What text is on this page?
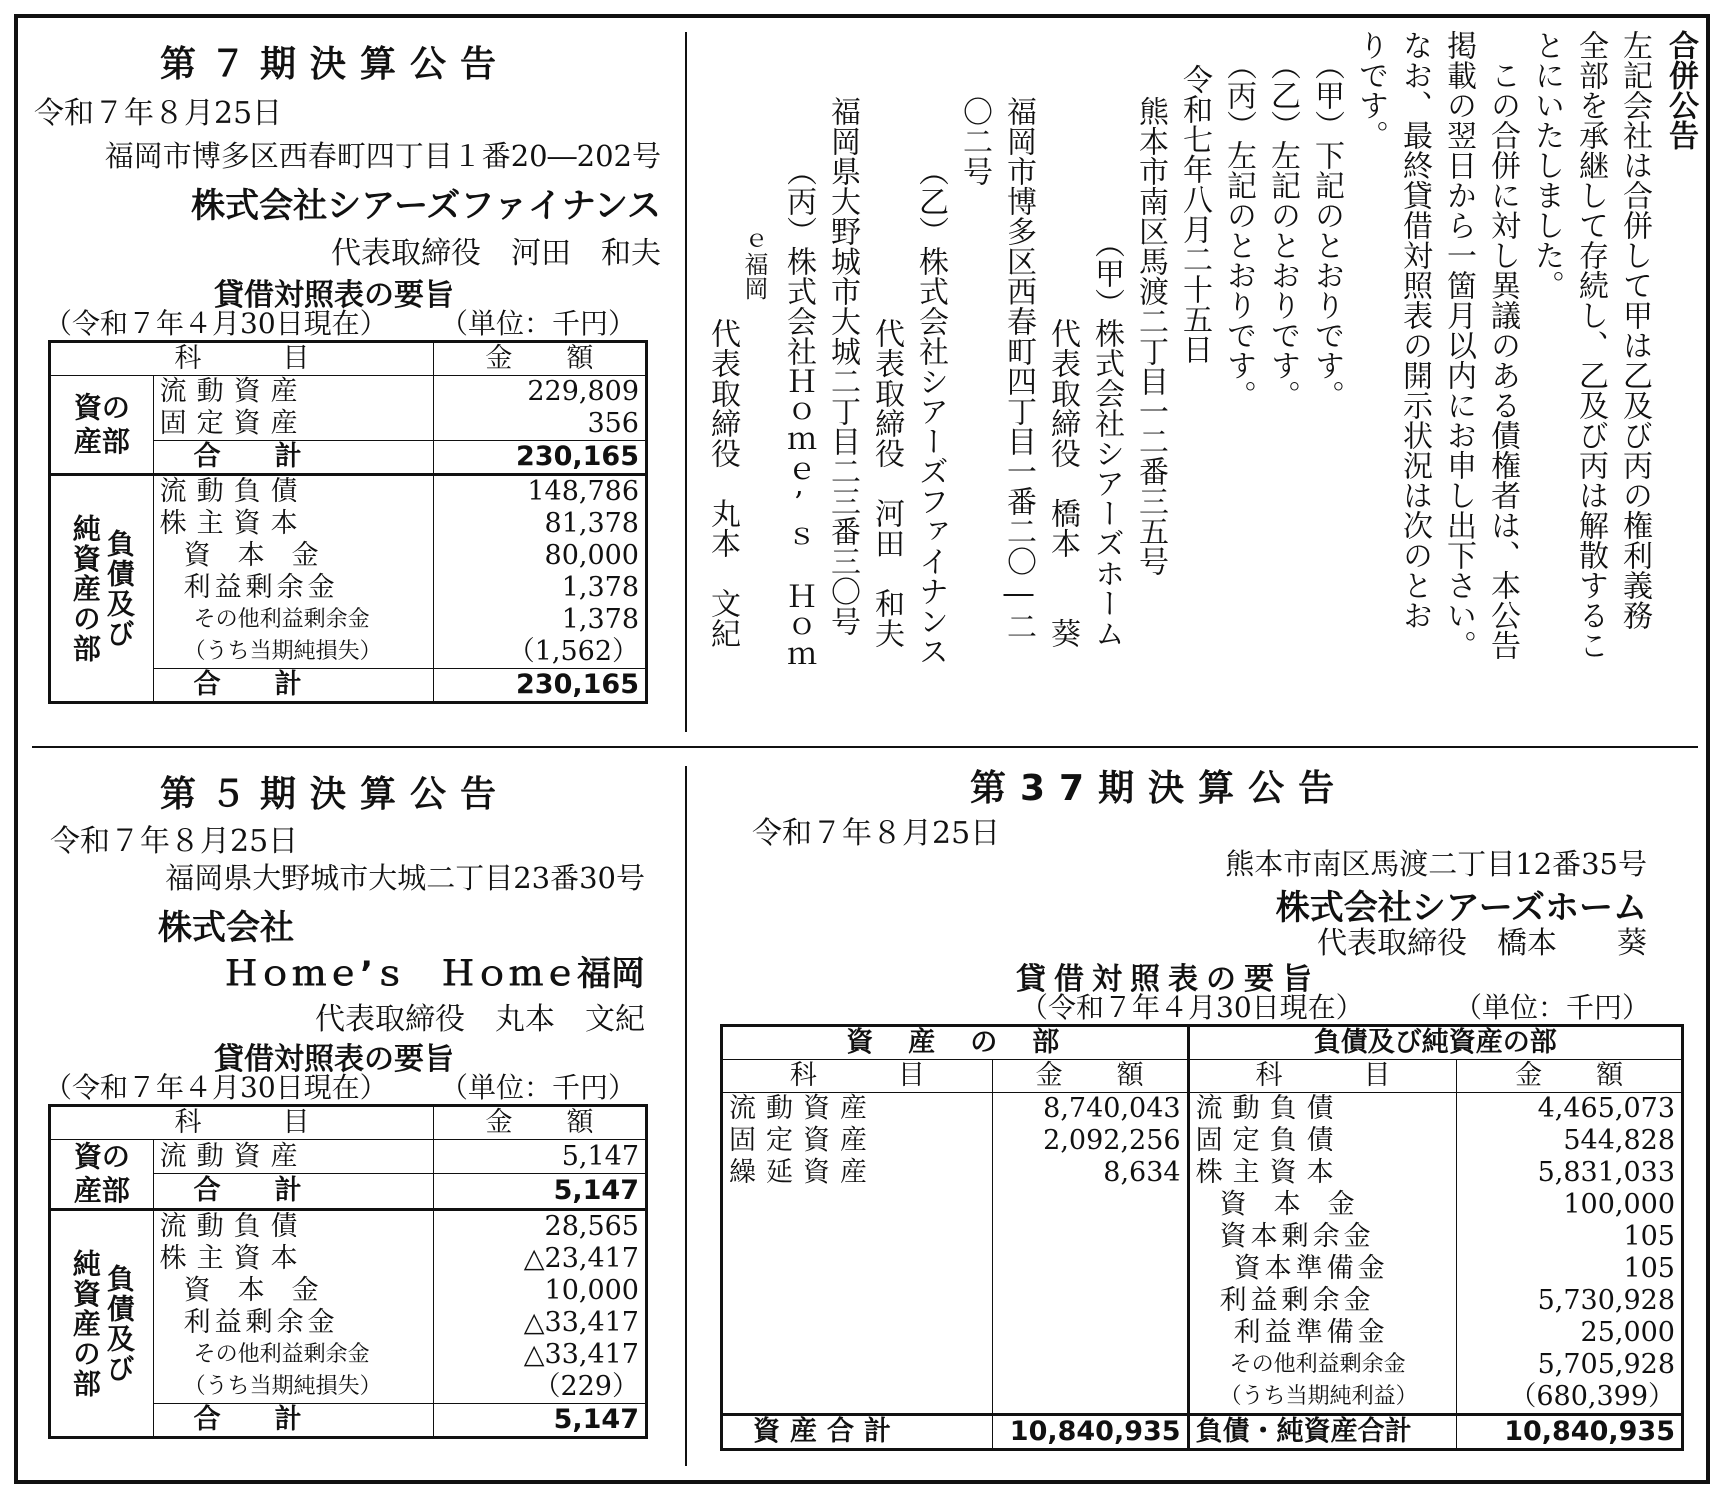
第７期決算公告
令和７年８月25日
福岡市博多区西春町四丁目１番20―202号
株式会社シアーズファイナンス
代表取締役　河田　和夫
貸借対照表の要旨
（令和７年４月30日現在） （単位：千円）
科　　　目		金　　額
資の産部	流動資産	229,809
	固定資産	356
	合　　計	230,165

純資産の部 負債及び	流動負債	148,786
	株主資本	81,378
	資　本　金	80,000
	利益剰余金	1,378
	その他利益剰余金	1,378
	（うち当期純損失）	（1,562）
	合　　計	230,165
合併公告
左記会社は合併して甲は乙及び丙の権利義務
全部を承継して存続し、乙及び丙は解散するこ
とにいたしました。
この合併に対し異議のある債権者は、本公告
掲載の翌日から一箇月以内にお申し出下さい。
なお、最終貸借対照表の開示状況は次のとお
りです。
（甲）下記のとおりです。
（乙）左記のとおりです。
（丙）左記のとおりです。
令和七年八月二十五日
熊本市南区馬渡二丁目一二番三五号
（甲）株式会社シアーズホーム
代表取締役　橋本　　葵
福岡市博多区西春町四丁目一番二〇―二
〇二号
（乙）株式会社シアーズファイナンス
代表取締役　河田　和夫
福岡県大野城市大城二丁目二三番三〇号
（丙）株式会社Ｈｏｍｅ’ｓ　Ｈｏｍ
ｅ福岡
代表取締役　丸本　文紀
第５期決算公告
令和７年８月25日
福岡県大野城市大城二丁目23番30号
株式会社
Ｈｏｍｅ’ｓ　Ｈｏｍｅ福岡
代表取締役　丸本　文紀
貸借対照表の要旨
（令和７年４月30日現在） （単位：千円）
科　　　目		金　　額
資の産部	流動資産	5,147
	合　　計	5,147

純資産の部 負債及び	流動負債	28,565
	株主資本	△23,417
	資　本　金	10,000
	利益剰余金	△33,417
	その他利益剰余金	△33,417
	（うち当期純損失）	（229）
	合　　計	5,147
第37期決算公告
令和７年８月25日
熊本市南区馬渡二丁目12番35号
株式会社シアーズホーム
代表取締役　橋本　　葵
貸借対照表の要旨
（令和７年４月30日現在）	（単位：千円）
資　産　の　部		負債及び純資産の部	
科　　　目	金　　額	科　　　目	金　　額
流動資産	8,740,043	流動負債	4,465,073
固定資産	2,092,256	固定負債	544,828
繰延資産	8,634	株主資本	5,831,033
		資　本　金	100,000
		資本剰余金	105
		資本準備金	105
		利益剰余金	5,730,928
		利益準備金	25,000
		その他利益剰余金	5,705,928
		（うち当期純利益）	（680,399）
資産合計	10,840,935	負債・純資産合計	10,840,935
